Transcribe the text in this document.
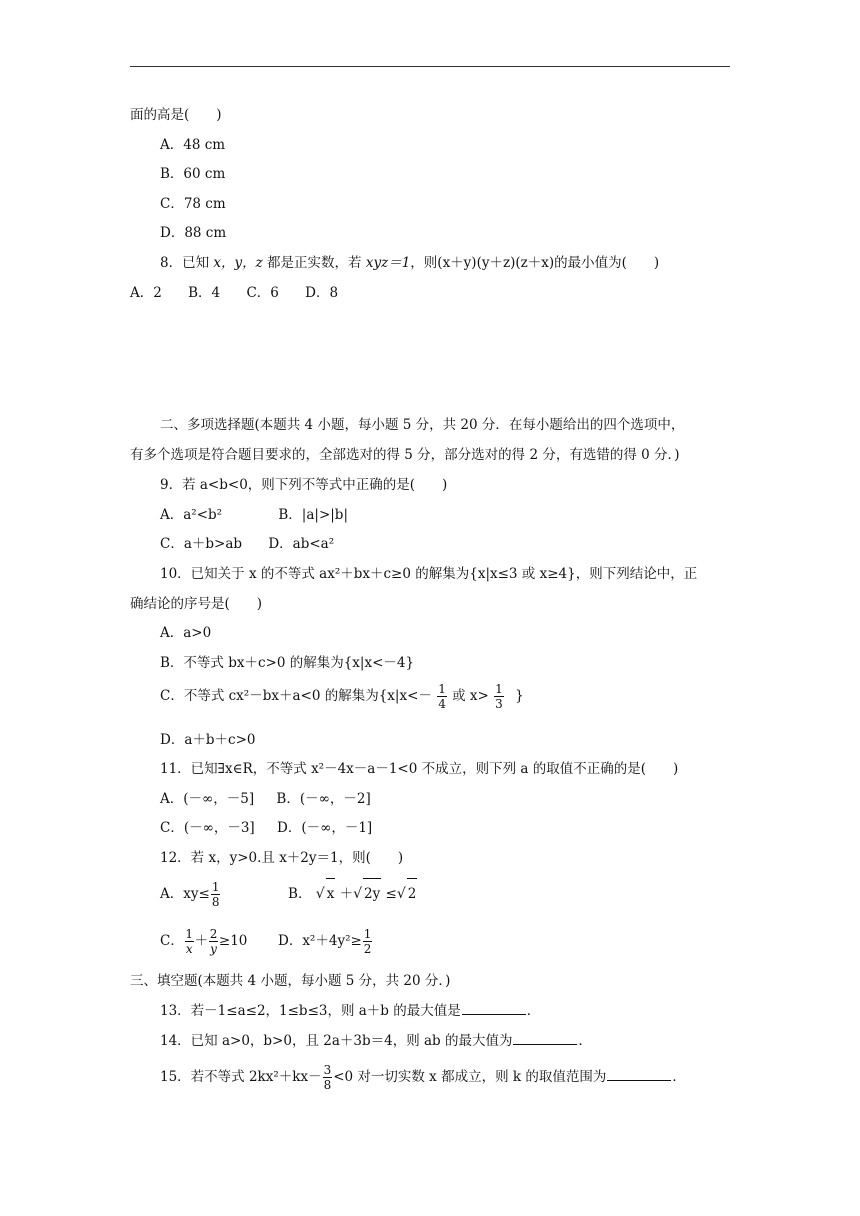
面的高是(　　)
A．48 cm
B．60 cm
C．78 cm
D．88 cm
8．已知 x，y，z 都是正实数，若 xyz＝1，则(x＋y)(y＋z)(z＋x)的最小值为(　　)
A．2 B．4 C．6 D．8
二、多项选择题(本题共 4 小题，每小题 5 分，共 20 分．在每小题给出的四个选项中，
有多个选项是符合题目要求的，全部选对的得 5 分，部分选对的得 2 分，有选错的得 0 分．)
9．若 a<b<0，则下列不等式中正确的是(　　)
A．a²<b²	B．|a|>|b|
C．a＋b>ab D．ab<a²
10．已知关于 x 的不等式 ax²＋bx＋c≥0 的解集为{x|x≤3 或 x≥4}，则下列结论中，正
确结论的序号是(　　)
A．a>0
B．不等式 bx＋c>0 的解集为{x|x<－4}
C．不等式 cx²－bx＋a<0 的解集为{$x|x<- \frac{1}{4}$ 或 $x> \frac{1}{3}$ }
D．a＋b＋c>0
11．已知∃x∈R，不等式 x²－4x－a－1<0 不成立，则下列 a 的取值不正确的是(　　)
A．(－∞，－5] B．(－∞，－2]
C．(－∞，－3] D．(－∞，－1]
12．若 x，y>0.且 x＋2y＝1，则(　　)
A．$xy\le \frac{1}{8}$	B． √ x ＋√ 2y ≤√ 2
C． $\frac{1}{x} + \frac{2}{y} \ge 10$ D．$x^2+4y^2\ge \frac{1}{2}$
三、填空题(本题共 4 小题，每小题 5 分，共 20 分．)
13．若－1≤a≤2，1≤b≤3，则 a＋b 的最大值是	．
14．已知 a>0，b>0，且 2a＋3b＝4，则 ab 的最大值为	．
15．若不等式 $2kx^2+kx- \frac{3}{8} <0$ 对一切实数 x 都成立，则 k 的取值范围为	．
